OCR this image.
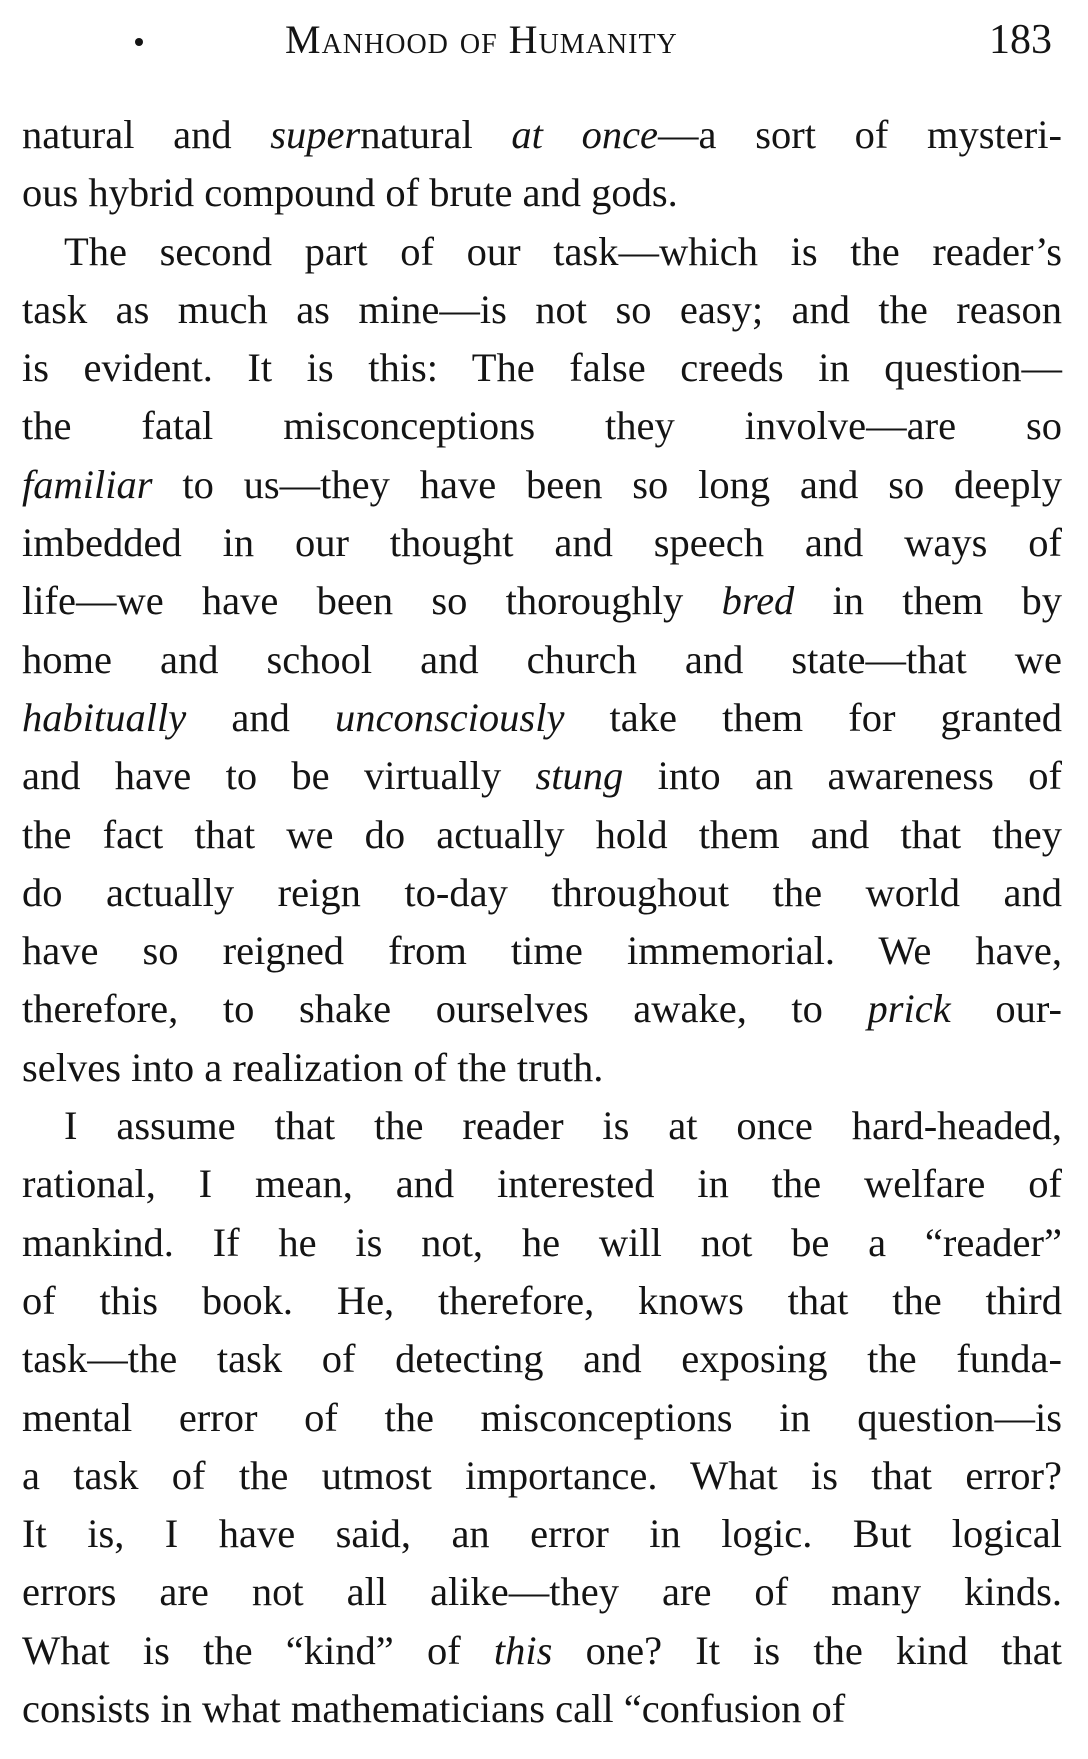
Manhood of Humanity	183
natural and supernatural at once—a sort of mysteri-
ous hybrid compound of brute and gods.
The second part of our task—which is the reader’s
task as much as mine—is not so easy; and the reason
is evident. It is this: The false creeds in question—
the fatal misconceptions they involve—are so
familiar to us—they have been so long and so deeply
imbedded in our thought and speech and ways of
life—we have been so thoroughly bred in them by
home and school and church and state—that we
habitually and unconsciously take them for granted
and have to be virtually stung into an awareness of
the fact that we do actually hold them and that they
do actually reign to-day throughout the world and
have so reigned from time immemorial. We have,
therefore, to shake ourselves awake, to prick our-
selves into a realization of the truth.
I assume that the reader is at once hard-headed,
rational, I mean, and interested in the welfare of
mankind. If he is not, he will not be a “reader”
of this book. He, therefore, knows that the third
task—the task of detecting and exposing the funda-
mental error of the misconceptions in question—is
a task of the utmost importance. What is that error?
It is, I have said, an error in logic. But logical
errors are not all alike—they are of many kinds.
What is the “kind” of this one? It is the kind that
consists in what mathematicians call “confusion of
